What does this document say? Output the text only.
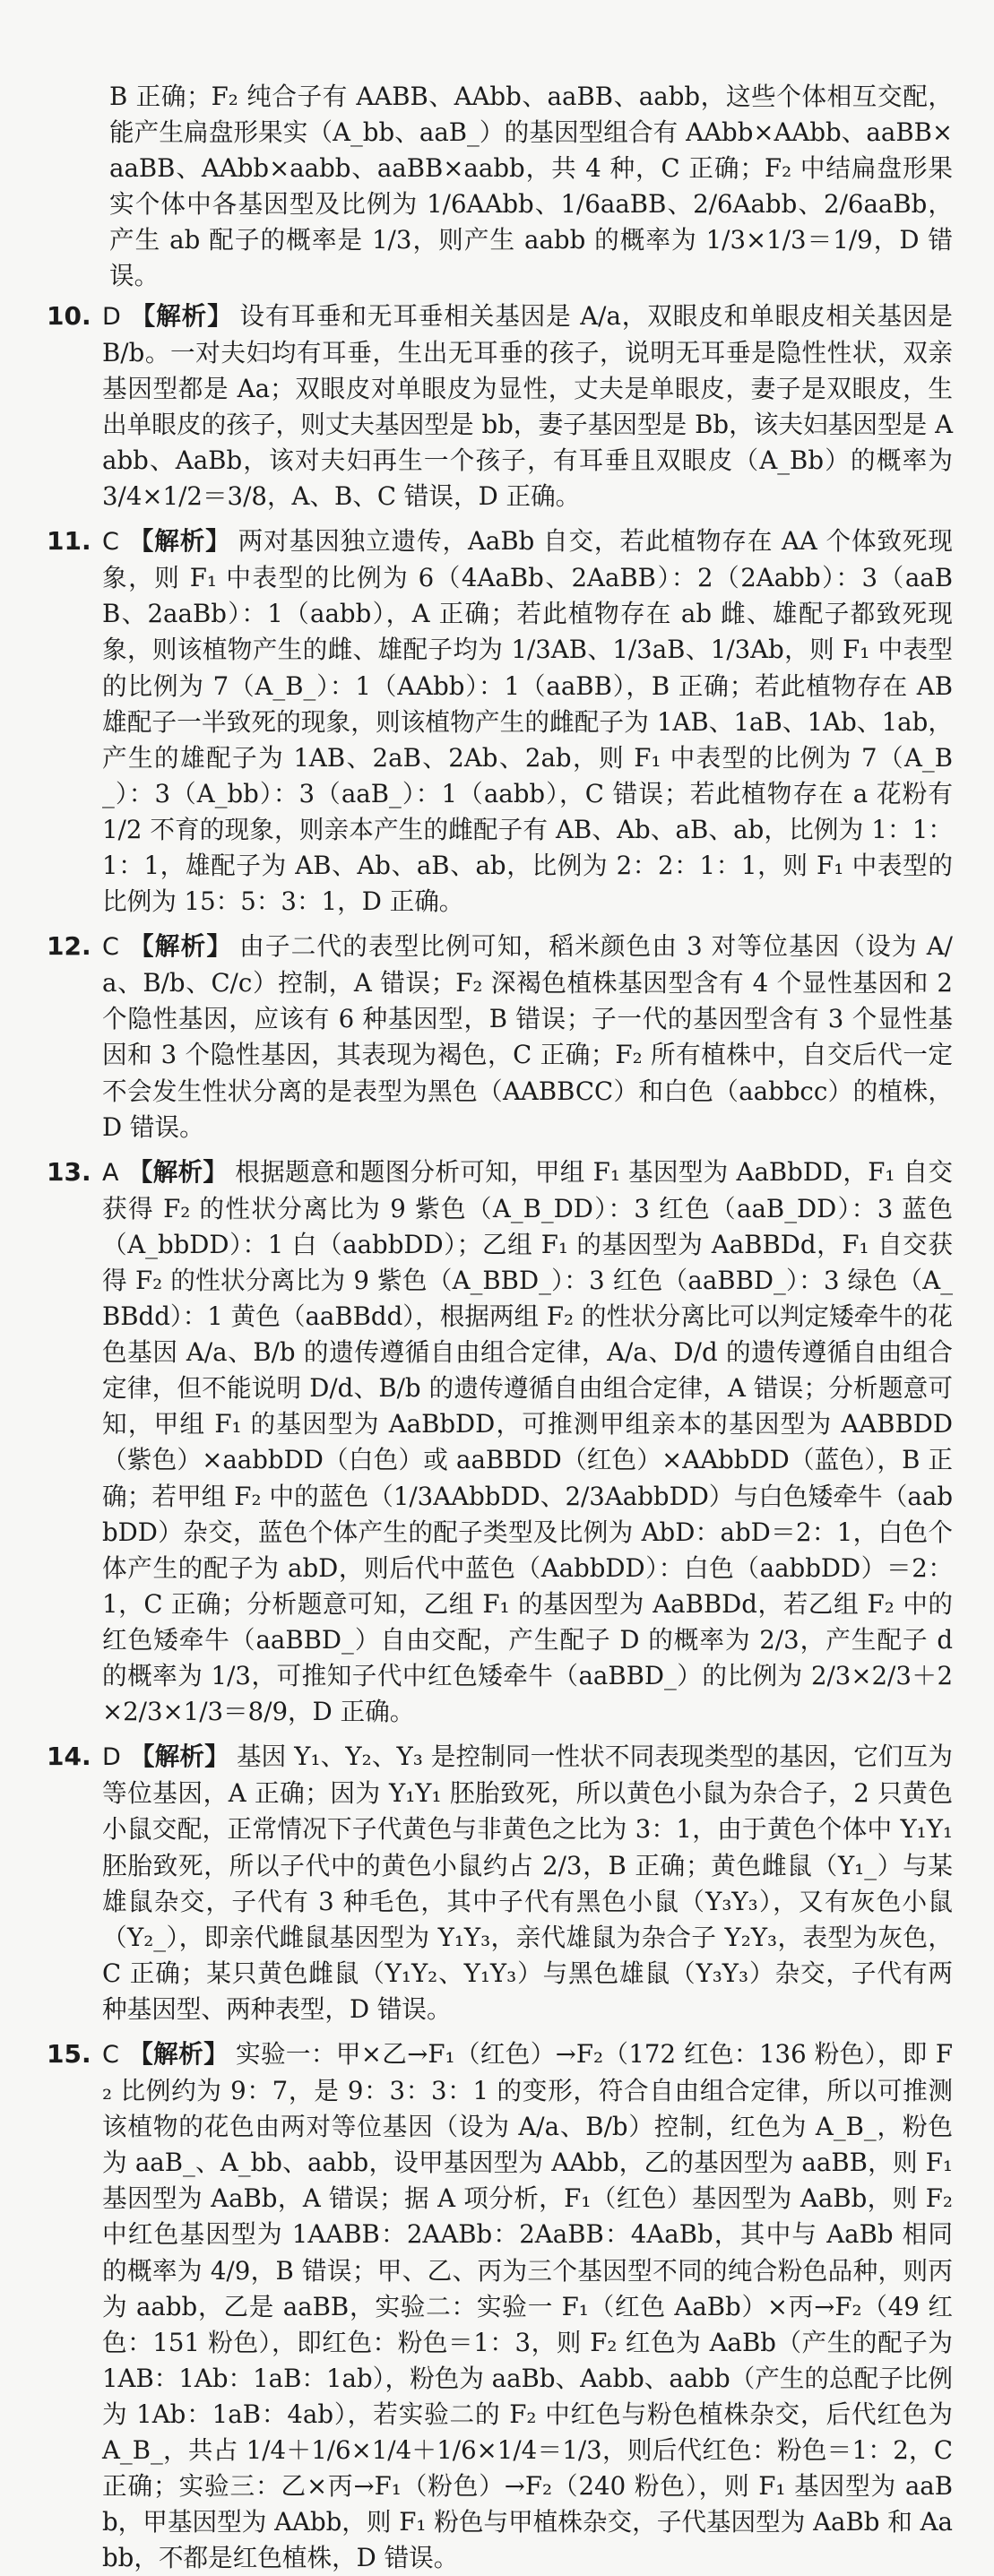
B 正确；F₂ 纯合子有 AABB、AAbb、aaBB、aabb，这些个体相互交配，能产生扁盘形果实（A_bb、aaB_）的基因型组合有 AAbb×AAbb、aaBB×aaBB、AAbb×aabb、aaBB×aabb，共 4 种，C 正确；F₂ 中结扁盘形果实个体中各基因型及比例为 1/6AAbb、1/6aaBB、2/6Aabb、2/6aaBb，产生 ab 配子的概率是 1/3，则产生 aabb 的概率为 1/3×1/3＝1/9，D 错误。

10. D 【解析】 设有耳垂和无耳垂相关基因是 A/a，双眼皮和单眼皮相关基因是 B/b。一对夫妇均有耳垂，生出无耳垂的孩子，说明无耳垂是隐性性状，双亲基因型都是 Aa；双眼皮对单眼皮为显性，丈夫是单眼皮，妻子是双眼皮，生出单眼皮的孩子，则丈夫基因型是 bb，妻子基因型是 Bb，该夫妇基因型是 Aabb、AaBb，该对夫妇再生一个孩子，有耳垂且双眼皮（A_Bb）的概率为 3/4×1/2＝3/8，A、B、C 错误，D 正确。
11. C 【解析】 两对基因独立遗传，AaBb 自交，若此植物存在 AA 个体致死现象，则 F₁ 中表型的比例为 6（4AaBb、2AaBB）：2（2Aabb）：3（aaBB、2aaBb）：1（aabb），A 正确；若此植物存在 ab 雌、雄配子都致死现象，则该植物产生的雌、雄配子均为 1/3AB、1/3aB、1/3Ab，则 F₁ 中表型的比例为 7（A_B_）：1（AAbb）：1（aaBB），B 正确；若此植物存在 AB 雄配子一半致死的现象，则该植物产生的雌配子为 1AB、1aB、1Ab、1ab，产生的雄配子为 1AB、2aB、2Ab、2ab，则 F₁ 中表型的比例为 7（A_B_）：3（A_bb）：3（aaB_）：1（aabb），C 错误；若此植物存在 a 花粉有 1/2 不育的现象，则亲本产生的雌配子有 AB、Ab、aB、ab，比例为 1：1：1：1，雄配子为 AB、Ab、aB、ab，比例为 2：2：1：1，则 F₁ 中表型的比例为 15：5：3：1，D 正确。
12. C 【解析】 由子二代的表型比例可知，稻米颜色由 3 对等位基因（设为 A/a、B/b、C/c）控制，A 错误；F₂ 深褐色植株基因型含有 4 个显性基因和 2 个隐性基因，应该有 6 种基因型，B 错误；子一代的基因型含有 3 个显性基因和 3 个隐性基因，其表现为褐色，C 正确；F₂ 所有植株中，自交后代一定不会发生性状分离的是表型为黑色（AABBCC）和白色（aabbcc）的植株，D 错误。
13. A 【解析】 根据题意和题图分析可知，甲组 F₁ 基因型为 AaBbDD，F₁ 自交获得 F₂ 的性状分离比为 9 紫色（A_B_DD）：3 红色（aaB_DD）：3 蓝色（A_bbDD）：1 白（aabbDD）；乙组 F₁ 的基因型为 AaBBDd，F₁ 自交获得 F₂ 的性状分离比为 9 紫色（A_BBD_）：3 红色（aaBBD_）：3 绿色（A_BBdd）：1 黄色（aaBBdd），根据两组 F₂ 的性状分离比可以判定矮牵牛的花色基因 A/a、B/b 的遗传遵循自由组合定律，A/a、D/d 的遗传遵循自由组合定律，但不能说明 D/d、B/b 的遗传遵循自由组合定律，A 错误；分析题意可知，甲组 F₁ 的基因型为 AaBbDD，可推测甲组亲本的基因型为 AABBDD（紫色）×aabbDD（白色）或 aaBBDD（红色）×AAbbDD（蓝色），B 正确；若甲组 F₂ 中的蓝色（1/3AAbbDD、2/3AabbDD）与白色矮牵牛（aabbDD）杂交，蓝色个体产生的配子类型及比例为 AbD：abD＝2：1，白色个体产生的配子为 abD，则后代中蓝色（AabbDD）：白色（aabbDD）＝2：1，C 正确；分析题意可知，乙组 F₁ 的基因型为 AaBBDd，若乙组 F₂ 中的红色矮牵牛（aaBBD_）自由交配，产生配子 D 的概率为 2/3，产生配子 d 的概率为 1/3，可推知子代中红色矮牵牛（aaBBD_）的比例为 2/3×2/3＋2×2/3×1/3＝8/9，D 正确。
14. D 【解析】 基因 Y₁、Y₂、Y₃ 是控制同一性状不同表现类型的基因，它们互为等位基因，A 正确；因为 Y₁Y₁ 胚胎致死，所以黄色小鼠为杂合子，2 只黄色小鼠交配，正常情况下子代黄色与非黄色之比为 3：1，由于黄色个体中 Y₁Y₁ 胚胎致死，所以子代中的黄色小鼠约占 2/3，B 正确；黄色雌鼠（Y₁_）与某雄鼠杂交，子代有 3 种毛色，其中子代有黑色小鼠（Y₃Y₃），又有灰色小鼠（Y₂_），即亲代雌鼠基因型为 Y₁Y₃，亲代雄鼠为杂合子 Y₂Y₃，表型为灰色，C 正确；某只黄色雌鼠（Y₁Y₂、Y₁Y₃）与黑色雄鼠（Y₃Y₃）杂交，子代有两种基因型、两种表型，D 错误。
15. C 【解析】 实验一：甲×乙→F₁（红色）→F₂（172 红色：136 粉色），即 F₂ 比例约为 9：7，是 9：3：3：1 的变形，符合自由组合定律，所以可推测该植物的花色由两对等位基因（设为 A/a、B/b）控制，红色为 A_B_，粉色为 aaB_、A_bb、aabb，设甲基因型为 AAbb，乙的基因型为 aaBB，则 F₁ 基因型为 AaBb，A 错误；据 A 项分析，F₁（红色）基因型为 AaBb，则 F₂ 中红色基因型为 1AABB：2AABb：2AaBB：4AaBb，其中与 AaBb 相同的概率为 4/9，B 错误；甲、乙、丙为三个基因型不同的纯合粉色品种，则丙为 aabb，乙是 aaBB，实验二：实验一 F₁（红色 AaBb）×丙→F₂（49 红色：151 粉色），即红色：粉色＝1：3，则 F₂ 红色为 AaBb（产生的配子为 1AB：1Ab：1aB：1ab），粉色为 aaBb、Aabb、aabb（产生的总配子比例为 1Ab：1aB：4ab），若实验二的 F₂ 中红色与粉色植株杂交，后代红色为 A_B_，共占 1/4＋1/6×1/4＋1/6×1/4＝1/3，则后代红色：粉色＝1：2，C 正确；实验三：乙×丙→F₁（粉色）→F₂（240 粉色），则 F₁ 基因型为 aaBb，甲基因型为 AAbb，则 F₁ 粉色与甲植株杂交，子代基因型为 AaBb 和 Aabb，不都是红色植株，D 错误。
